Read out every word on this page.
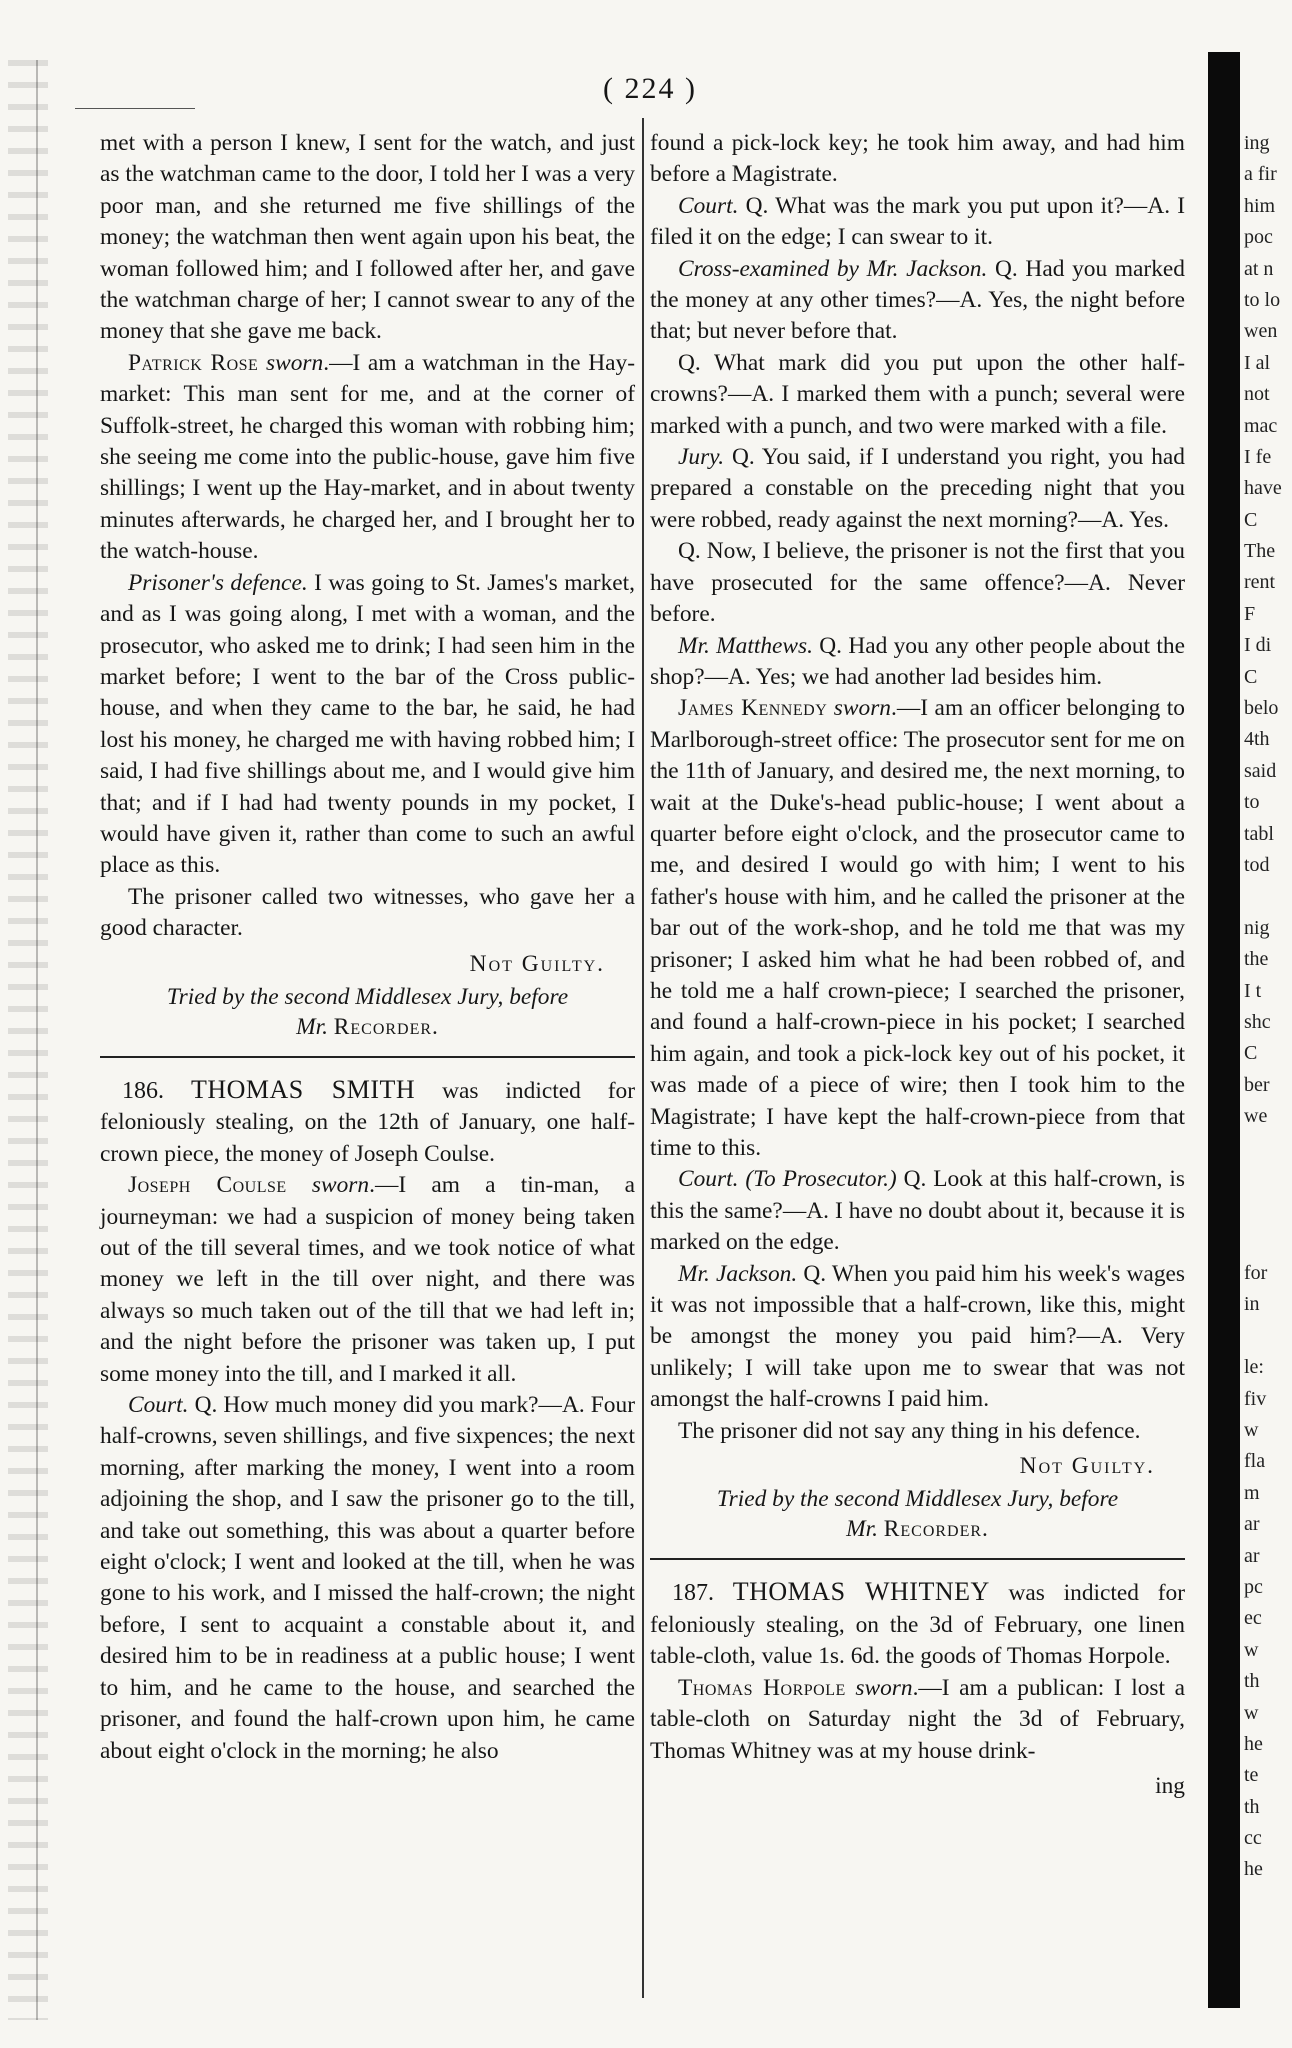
( 224 )

met with a person I knew, I sent for the watch, and just as the watchman came to the door, I told her I was a very poor man, and she returned me five shillings of the money; the watchman then went again upon his beat, the woman followed him; and I followed after her, and gave the watchman charge of her; I cannot swear to any of the money that she gave me back.

Patrick Rose sworn.—I am a watchman in the Hay-market: This man sent for me, and at the corner of Suffolk-street, he charged this woman with robbing him; she seeing me come into the public-house, gave him five shillings; I went up the Hay-market, and in about twenty minutes afterwards, he charged her, and I brought her to the watch-house.

Prisoner's defence. I was going to St. James's market, and as I was going along, I met with a woman, and the prosecutor, who asked me to drink; I had seen him in the market before; I went to the bar of the Cross public-house, and when they came to the bar, he said, he had lost his money, he charged me with having robbed him; I said, I had five shillings about me, and I would give him that; and if I had had twenty pounds in my pocket, I would have given it, rather than come to such an awful place as this.

The prisoner called two witnesses, who gave her a good character.

Not Guilty.

Tried by the second Middlesex Jury, before
Mr. Recorder.

186. THOMAS SMITH was indicted for feloniously stealing, on the 12th of January, one half-crown piece, the money of Joseph Coulse.

Joseph Coulse sworn.—I am a tin-man, a journeyman: we had a suspicion of money being taken out of the till several times, and we took notice of what money we left in the till over night, and there was always so much taken out of the till that we had left in; and the night before the prisoner was taken up, I put some money into the till, and I marked it all.

Court. Q. How much money did you mark?—A. Four half-crowns, seven shillings, and five sixpences; the next morning, after marking the money, I went into a room adjoining the shop, and I saw the prisoner go to the till, and take out something, this was about a quarter before eight o'clock; I went and looked at the till, when he was gone to his work, and I missed the half-crown; the night before, I sent to acquaint a constable about it, and desired him to be in readiness at a public house; I went to him, and he came to the house, and searched the prisoner, and found the half-crown upon him, he came about eight o'clock in the morning; he also

found a pick-lock key; he took him away, and had him before a Magistrate.

Court. Q. What was the mark you put upon it?—A. I filed it on the edge; I can swear to it.

Cross-examined by Mr. Jackson. Q. Had you marked the money at any other times?—A. Yes, the night before that; but never before that.

Q. What mark did you put upon the other half-crowns?—A. I marked them with a punch; several were marked with a punch, and two were marked with a file.

Jury. Q. You said, if I understand you right, you had prepared a constable on the preceding night that you were robbed, ready against the next morning?—A. Yes.

Q. Now, I believe, the prisoner is not the first that you have prosecuted for the same offence?—A. Never before.

Mr. Matthews. Q. Had you any other people about the shop?—A. Yes; we had another lad besides him.

James Kennedy sworn.—I am an officer belonging to Marlborough-street office: The prosecutor sent for me on the 11th of January, and desired me, the next morning, to wait at the Duke's-head public-house; I went about a quarter before eight o'clock, and the prosecutor came to me, and desired I would go with him; I went to his father's house with him, and he called the prisoner at the bar out of the work-shop, and he told me that was my prisoner; I asked him what he had been robbed of, and he told me a half crown-piece; I searched the prisoner, and found a half-crown-piece in his pocket; I searched him again, and took a pick-lock key out of his pocket, it was made of a piece of wire; then I took him to the Magistrate; I have kept the half-crown-piece from that time to this.

Court. (To Prosecutor.) Q. Look at this half-crown, is this the same?—A. I have no doubt about it, because it is marked on the edge.

Mr. Jackson. Q. When you paid him his week's wages it was not impossible that a half-crown, like this, might be amongst the money you paid him?—A. Very unlikely; I will take upon me to swear that was not amongst the half-crowns I paid him.

The prisoner did not say any thing in his defence.

Not Guilty.

Tried by the second Middlesex Jury, before
Mr. Recorder.

187. THOMAS WHITNEY was indicted for feloniously stealing, on the 3d of February, one linen table-cloth, value 1s. 6d. the goods of Thomas Horpole.

Thomas Horpole sworn.—I am a publican: I lost a table-cloth on Saturday night the 3d of February, Thomas Whitney was at my house drink-

ing

ing
a fir
him
poc
at n
to lo
wen
I al
not
mac
I fe
have
C
The
rent
F
I di
C
belo
4th
said
to
tabl
tod
nig
the
I t
shc
C
ber
we
for
in
le:
fiv
w
fla
m
ar
ar
pc
ec
w
th
w
he
te
th
cc
he
